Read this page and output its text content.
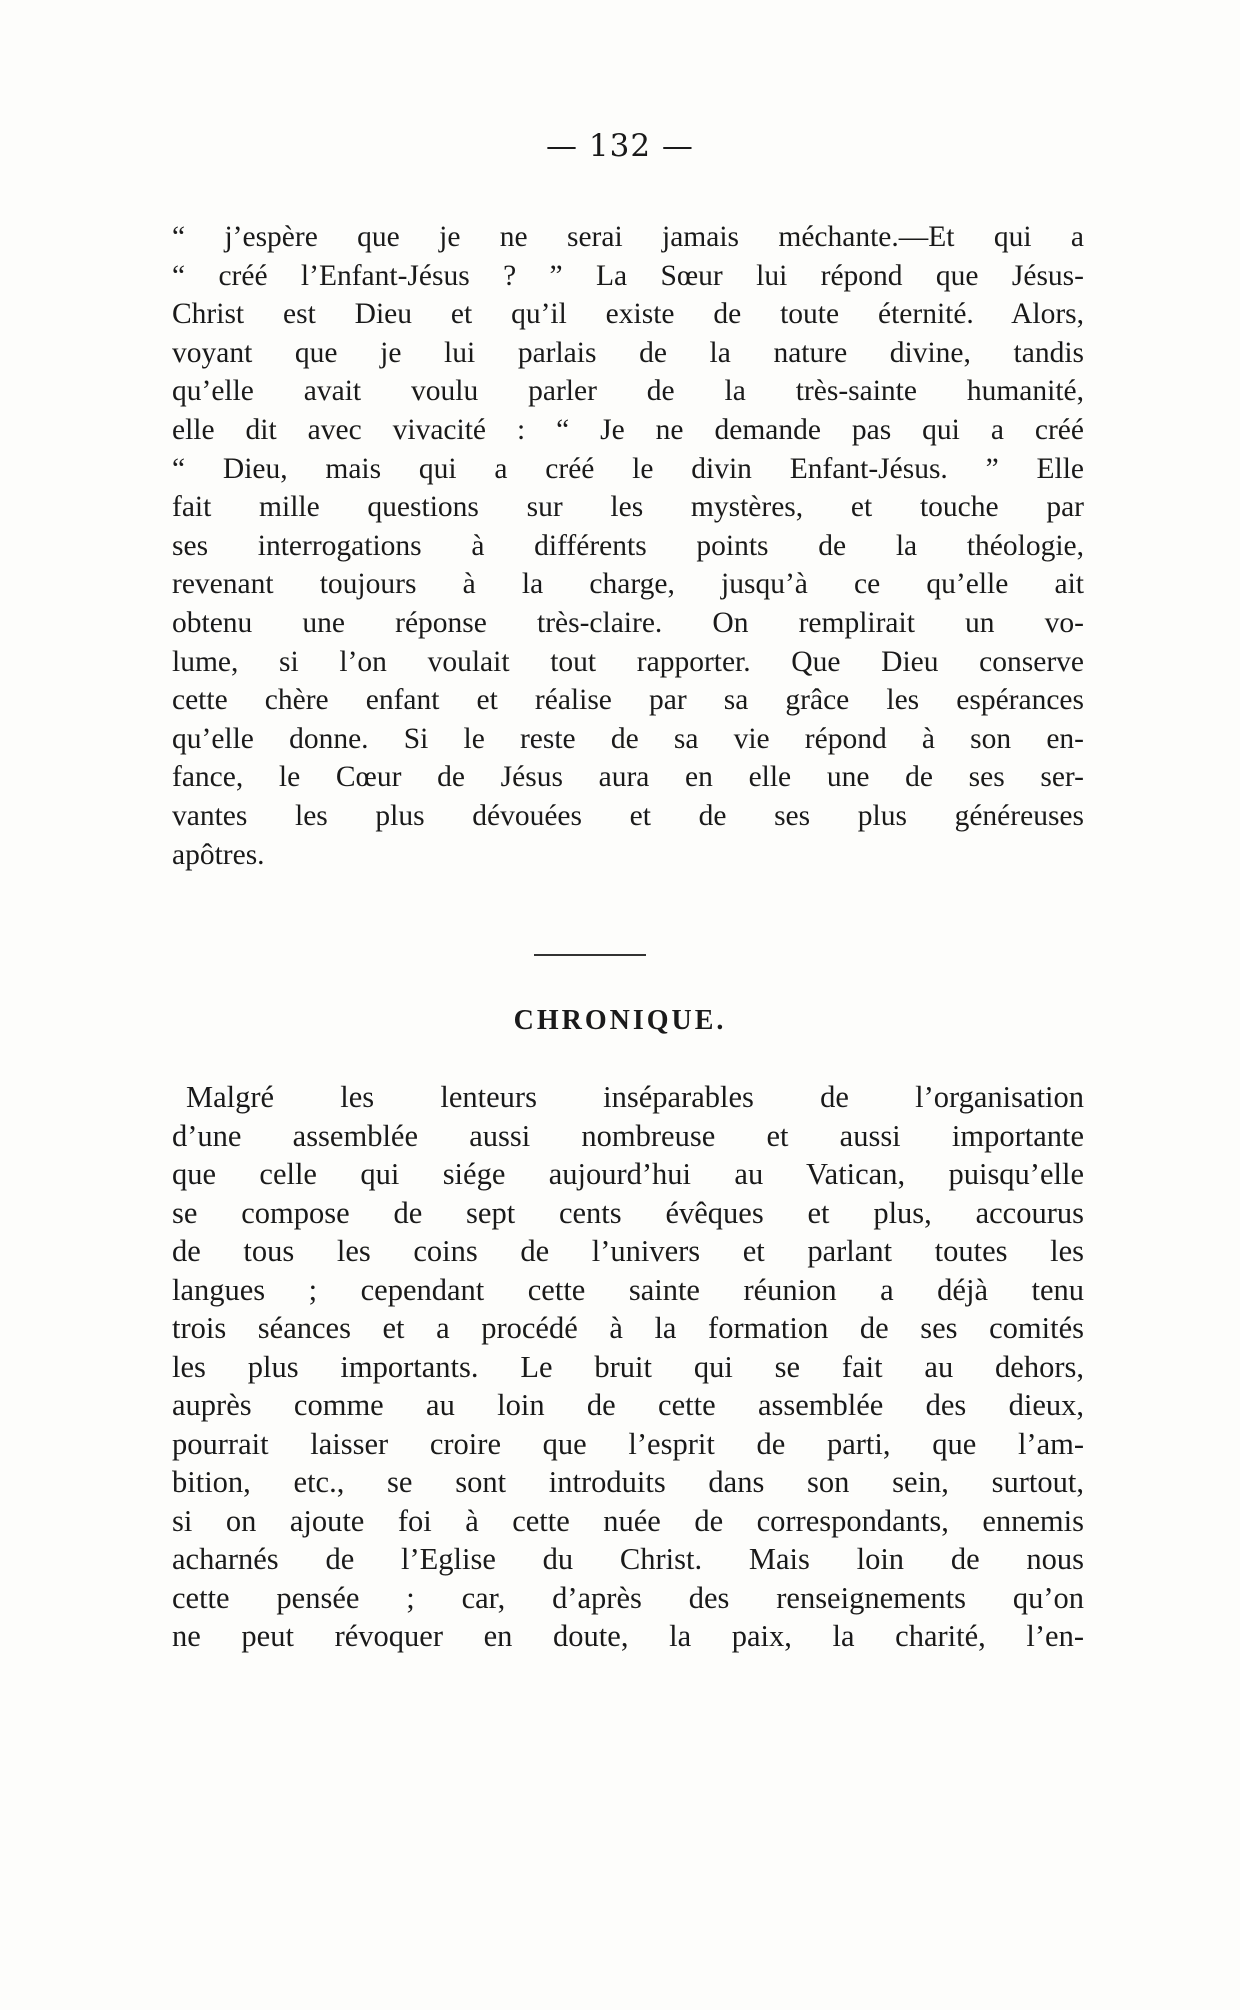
— 132 —
“ j’espère que je ne serai jamais méchante.—Et qui a
“ créé l’Enfant-Jésus ? ” La Sœur lui répond que Jésus-
Christ est Dieu et qu’il existe de toute éternité. Alors,
voyant que je lui parlais de la nature divine, tandis
qu’elle avait voulu parler de la très-sainte humanité,
elle dit avec vivacité : “ Je ne demande pas qui a créé
“ Dieu, mais qui a créé le divin Enfant-Jésus. ” Elle
fait mille questions sur les mystères, et touche par
ses interrogations à différents points de la théologie,
revenant toujours à la charge, jusqu’à ce qu’elle ait
obtenu une réponse très-claire. On remplirait un vo-
lume, si l’on voulait tout rapporter. Que Dieu conserve
cette chère enfant et réalise par sa grâce les espérances
qu’elle donne. Si le reste de sa vie répond à son en-
fance, le Cœur de Jésus aura en elle une de ses ser-
vantes les plus dévouées et de ses plus généreuses
apôtres.
CHRONIQUE.
Malgré les lenteurs inséparables de l’organisation
d’une assemblée aussi nombreuse et aussi importante
que celle qui siége aujourd’hui au Vatican, puisqu’elle
se compose de sept cents évêques et plus, accourus
de tous les coins de l’univers et parlant toutes les
langues ; cependant cette sainte réunion a déjà tenu
trois séances et a procédé à la formation de ses comités
les plus importants. Le bruit qui se fait au dehors,
auprès comme au loin de cette assemblée des dieux,
pourrait laisser croire que l’esprit de parti, que l’am-
bition, etc., se sont introduits dans son sein, surtout,
si on ajoute foi à cette nuée de correspondants, ennemis
acharnés de l’Eglise du Christ. Mais loin de nous
cette pensée ; car, d’après des renseignements qu’on
ne peut révoquer en doute, la paix, la charité, l’en-
